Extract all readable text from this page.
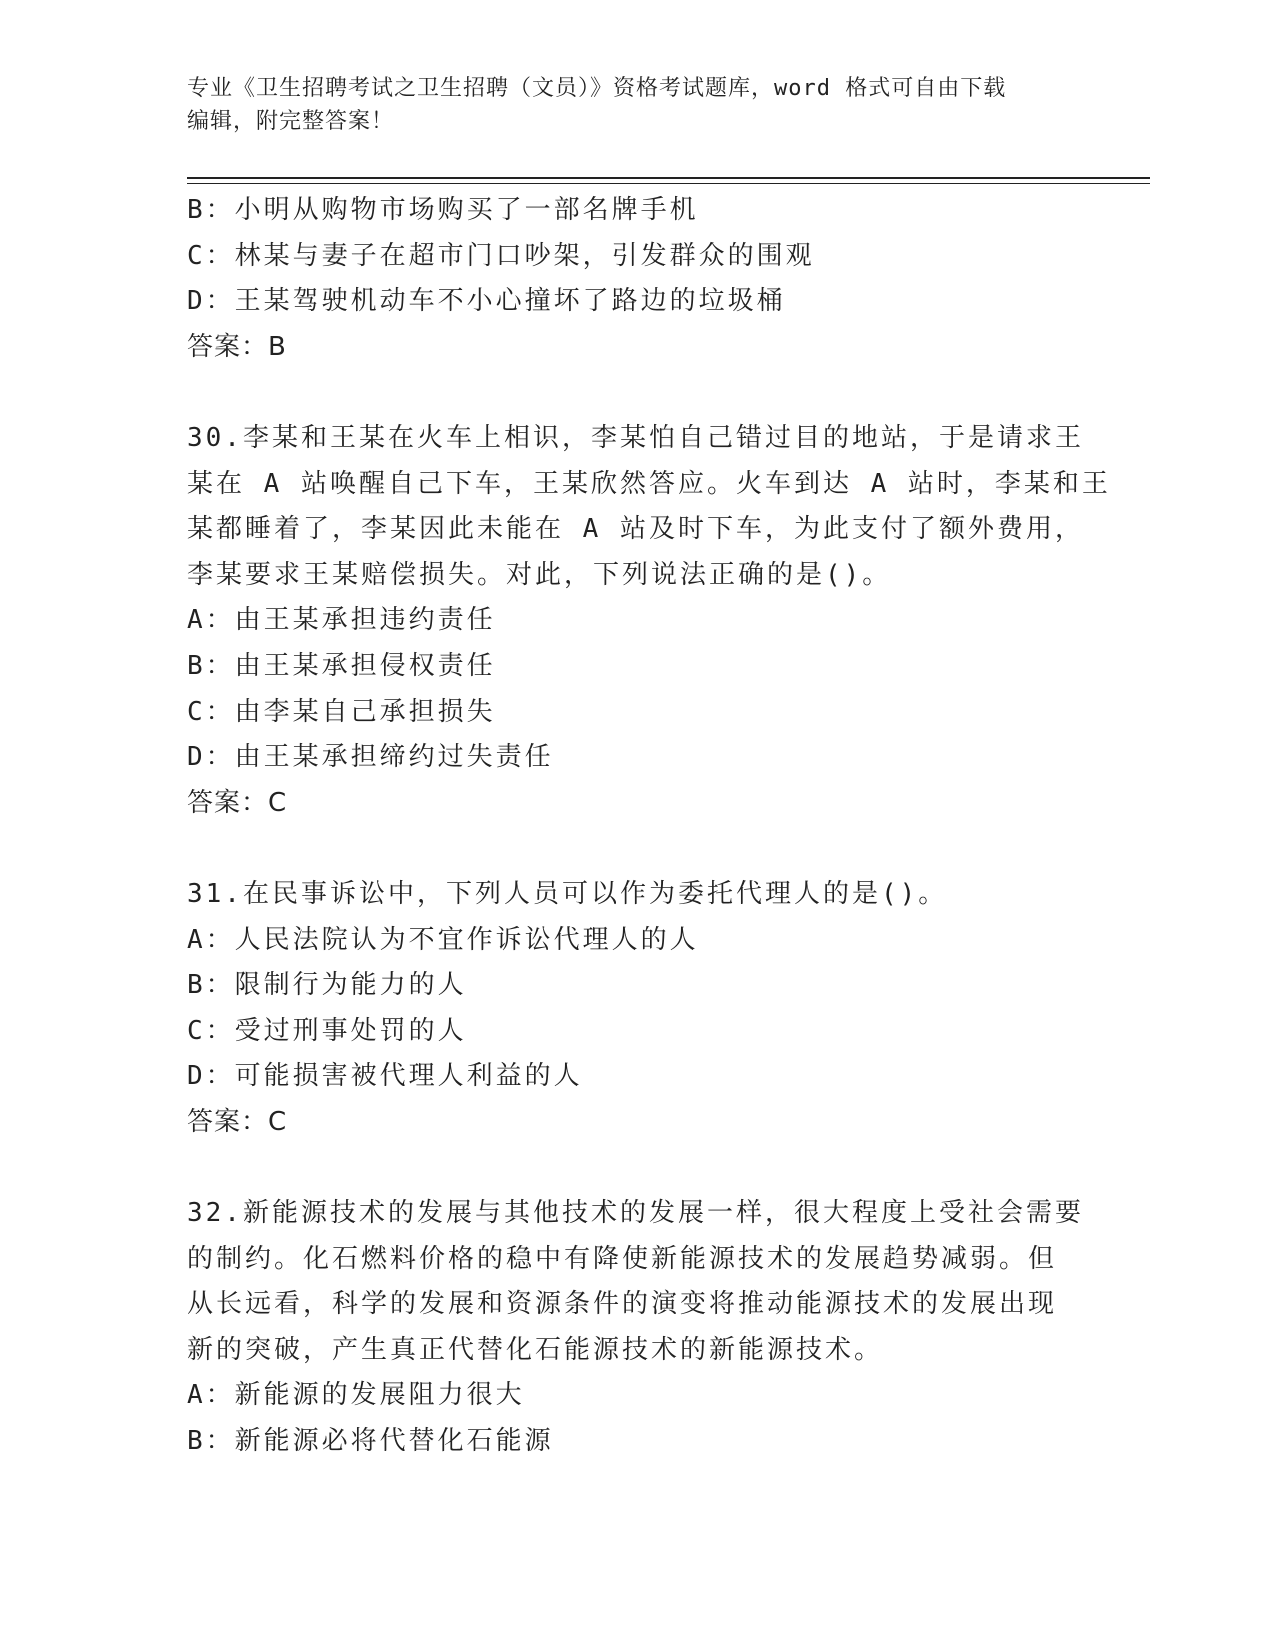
专业《卫生招聘考试之卫生招聘（文员）》资格考试题库，word 格式可自由下载
编辑，附完整答案！
B：小明从购物市场购买了一部名牌手机
C：林某与妻子在超市门口吵架，引发群众的围观
D：王某驾驶机动车不小心撞坏了路边的垃圾桶
答案：B
30.李某和王某在火车上相识，李某怕自己错过目的地站，于是请求王
某在 A 站唤醒自己下车，王某欣然答应。火车到达 A 站时，李某和王
某都睡着了，李某因此未能在 A 站及时下车，为此支付了额外费用，
李某要求王某赔偿损失。对此，下列说法正确的是()。
A：由王某承担违约责任
B：由王某承担侵权责任
C：由李某自己承担损失
D：由王某承担缔约过失责任
答案：C
31.在民事诉讼中，下列人员可以作为委托代理人的是()。
A：人民法院认为不宜作诉讼代理人的人
B：限制行为能力的人
C：受过刑事处罚的人
D：可能损害被代理人利益的人
答案：C
32.新能源技术的发展与其他技术的发展一样，很大程度上受社会需要
的制约。化石燃料价格的稳中有降使新能源技术的发展趋势减弱。但
从长远看，科学的发展和资源条件的演变将推动能源技术的发展出现
新的突破，产生真正代替化石能源技术的新能源技术。
A：新能源的发展阻力很大
B：新能源必将代替化石能源
